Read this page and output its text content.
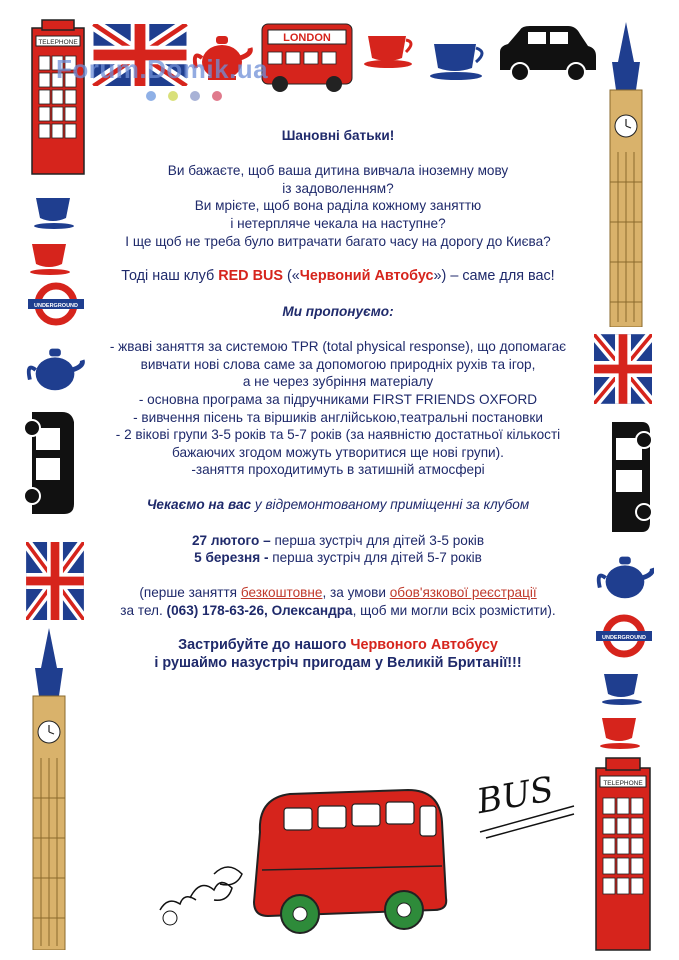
TELEPHONE	LONDON
Forum.Domik.ua
UNDERGROUND
UNDERGROUND
TELEPHONE
BUS

Шановні батьки!

Ви бажаєте, щоб ваша дитина вивчала іноземну мову

із задоволенням?

Ви мрієте, щоб вона раділа кожному заняттю

і нетерпляче чекала на наступне?

І ще щоб не треба було витрачати багато часу на дорогу до Києва?

Тоді наш клуб RED BUS («Червоний Автобус») – саме для вас!

Ми пропонуємо:

- жваві заняття за системою TPR (total physical response), що допомагає

вивчати нові слова саме за допомогою природніх рухів та ігор,

а не через зубріння матеріалу

- основна програма за підручниками FIRST FRIENDS OXFORD

- вивчення пісень та віршиків англійською,театральні постановки

- 2 вікові групи 3-5 років та 5-7 років (за наявністю достатньої кількості

бажаючих згодом можуть утворитися ще нові групи).

-заняття проходитимуть в затишній атмосфері

Чекаємо на вас у відремонтованому приміщенні за клубом

27 лютого – перша зустріч для дітей 3-5 років

5 березня - перша зустріч для дітей 5-7 років

(перше заняття безкоштовне, за умови обов'язкової реєстрації

за тел. (063) 178-63-26, Олександра, щоб ми могли всіх розмістити).

Застрибуйте до нашого Червоного Автобусу

і рушаймо назустріч пригодам у Великій Британії!!!
